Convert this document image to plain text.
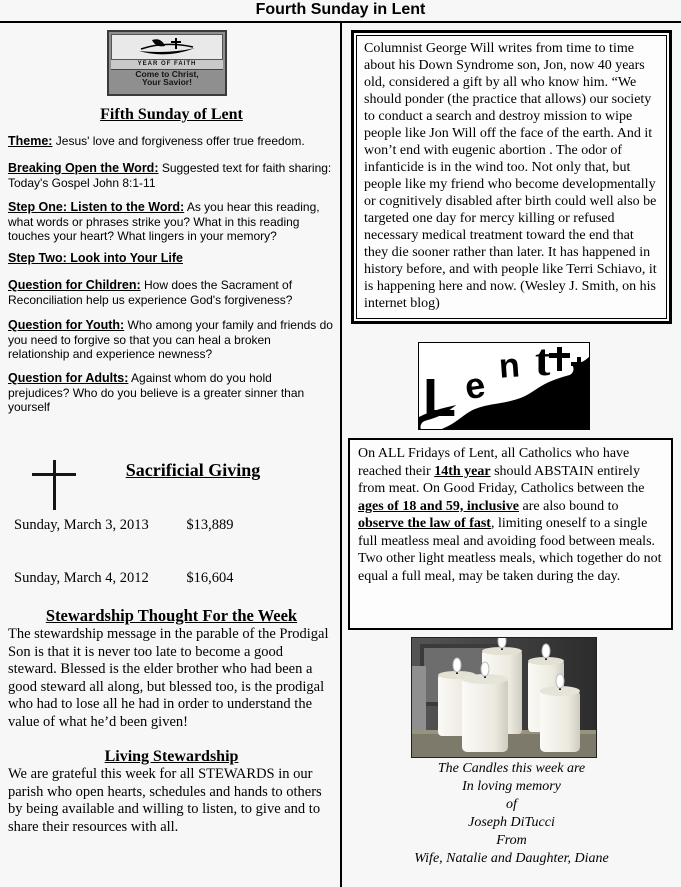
Fourth Sunday in Lent
YEAR OF FAITH
Come to Christ, Your Savior!
Fifth Sunday of Lent
Theme: Jesus' love and forgiveness offer true freedom.
Breaking Open the Word: Suggested text for faith sharing: Today's Gospel John 8:1-11
Step One: Listen to the Word: As you hear this reading, what words or phrases strike you? What in this reading touches your heart? What lingers in your memory?
Step Two: Look into Your Life
Question for Children: How does the Sacrament of Reconciliation help us experience God's forgiveness?
Question for Youth: Who among your family and friends do you need to forgive so that you can heal a broken relationship and experience newness?
Question for Adults: Against whom do you hold prejudices? Who do you believe is a greater sinner than yourself
Sacrificial Giving
Sunday, March 3, 2013	$13,889
Sunday, March 4, 2012	$16,604
Stewardship Thought For the Week
The stewardship message in the parable of the Prodigal Son is that it is never too late to become a good steward. Blessed is the elder brother who had been a good steward all along, but blessed too, is the prodigal who had to lose all he had in order to understand the value of what he’d been given!
Living Stewardship
We are grateful this week for all STEWARDS in our parish who open hearts, schedules and hands to others by being available and willing to listen, to give and to share their resources with all.
Columnist George Will writes from time to time about his Down Syndrome son, Jon, now 40 years old, considered a gift by all who know him. “We should ponder (the practice that allows) our society to conduct a search and destroy mission to wipe people like Jon Will off the face of the earth. And it won’t end with eugenic abortion . The odor of infanticide is in the wind too. Not only that, but people like my friend who become developmentally or cognitively disabled after birth could well also be targeted one day for mercy killing or refused necessary medical treatment toward the end that they die sooner rather than later. It has happened in history before, and with people like Terri Schiavo, it is happening here and now. (Wesley J. Smith, on his internet blog)
L e n t

On ALL Fridays of Lent, all Catholics who have reached their 14th year should ABSTAIN entirely from meat. On Good Friday, Catholics between the ages of 18 and 59, inclusive are also bound to observe the law of fast, limiting oneself to a single full meatless meal and avoiding food between meals. Two other light meatless meals, which together do not equal a full meal, may be taken during the day.

The Candles this week are
In loving memory
of
Joseph DiTucci
From
Wife, Natalie and Daughter, Diane
